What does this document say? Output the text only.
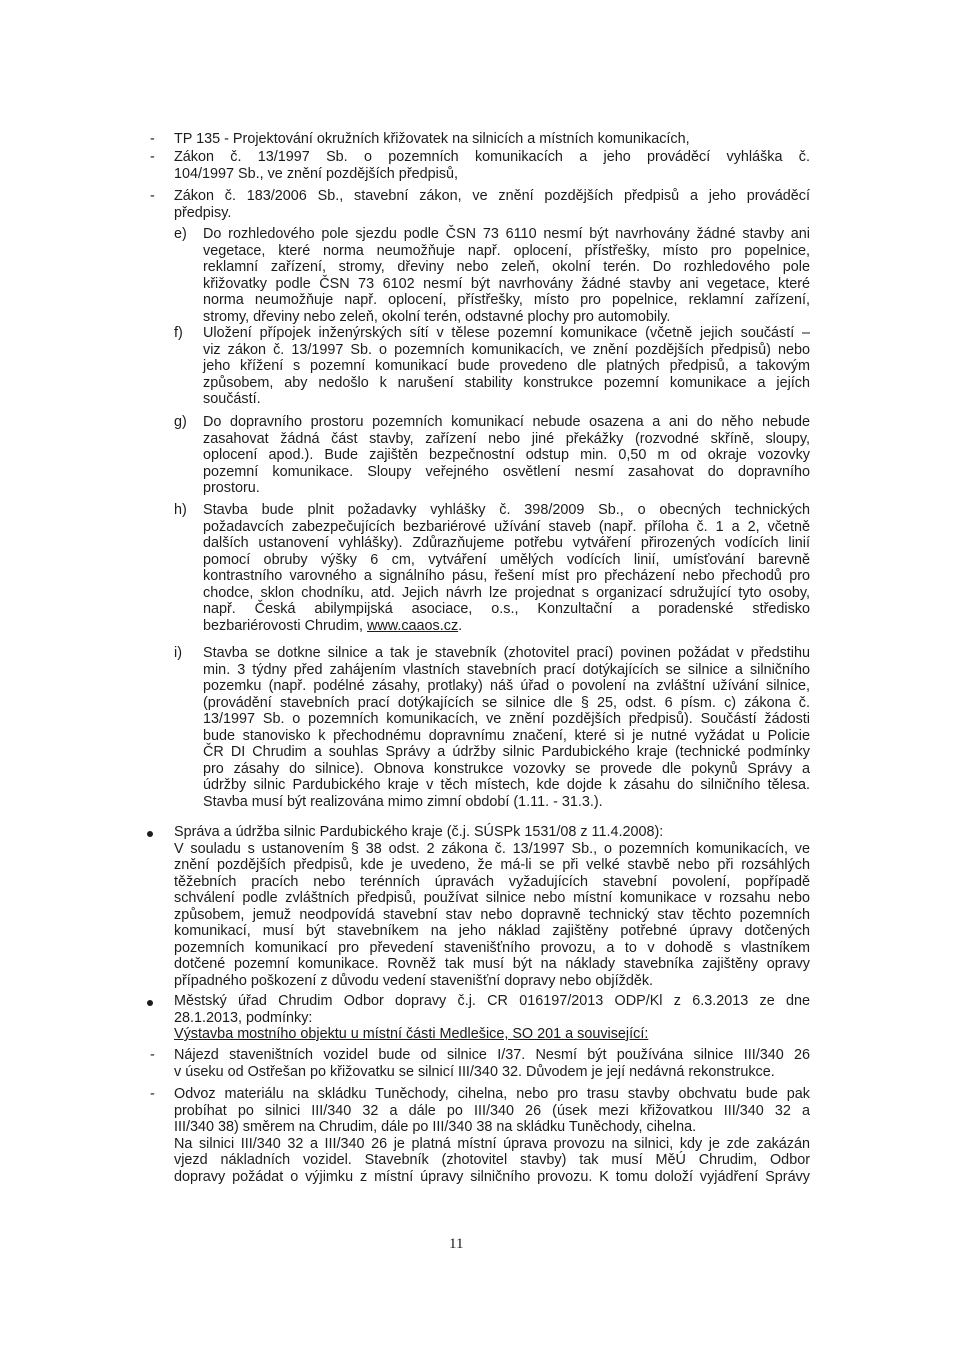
- TP 135 - Projektování okružních křižovatek na silnicích a místních komunikacích,
- Zákon č. 13/1997 Sb. o pozemních komunikacích a jeho prováděcí vyhláška č.
104/1997 Sb., ve znění pozdějších předpisů,
- Zákon č. 183/2006 Sb., stavební zákon, ve znění pozdějších předpisů a jeho prováděcí
předpisy.
e) Do rozhledového pole sjezdu podle ČSN 73 6110 nesmí být navrhovány žádné stavby ani
vegetace, které norma neumožňuje např. oplocení, přístřešky, místo pro popelnice,
reklamní zařízení, stromy, dřeviny nebo zeleň, okolní terén. Do rozhledového pole
křižovatky podle ČSN 73 6102 nesmí být navrhovány žádné stavby ani vegetace, které
norma neumožňuje např. oplocení, přístřešky, místo pro popelnice, reklamní zařízení,
stromy, dřeviny nebo zeleň, okolní terén, odstavné plochy pro automobily.
f) Uložení přípojek inženýrských sítí v tělese pozemní komunikace (včetně jejich součástí –
viz zákon č. 13/1997 Sb. o pozemních komunikacích, ve znění pozdějších předpisů) nebo
jeho křížení s pozemní komunikací bude provedeno dle platných předpisů, a takovým
způsobem, aby nedošlo k narušení stability konstrukce pozemní komunikace a jejích
součástí.
g) Do dopravního prostoru pozemních komunikací nebude osazena a ani do něho nebude
zasahovat žádná část stavby, zařízení nebo jiné překážky (rozvodné skříně, sloupy,
oplocení apod.). Bude zajištěn bezpečnostní odstup min. 0,50 m od okraje vozovky
pozemní komunikace. Sloupy veřejného osvětlení nesmí zasahovat do dopravního
prostoru.
h) Stavba bude plnit požadavky vyhlášky č. 398/2009 Sb., o obecných technických
požadavcích zabezpečujících bezbariérové užívání staveb (např. příloha č. 1 a 2, včetně
dalších ustanovení vyhlášky). Zdůrazňujeme potřebu vytváření přirozených vodících linií
pomocí obruby výšky 6 cm, vytváření umělých vodících linií, umísťování barevně
kontrastního varovného a signálního pásu, řešení míst pro přecházení nebo přechodů pro
chodce, sklon chodníku, atd. Jejich návrh lze projednat s organizací sdružující tyto osoby,
např. Česká abilympijská asociace, o.s., Konzultační a poradenské středisko
bezbariérovosti Chrudim, www.caaos.cz.
i) Stavba se dotkne silnice a tak je stavebník (zhotovitel prací) povinen požádat v předstihu
min. 3 týdny před zahájením vlastních stavebních prací dotýkajících se silnice a silničního
pozemku (např. podélné zásahy, protlaky) náš úřad o povolení na zvláštní užívání silnice,
(provádění stavebních prací dotýkajících se silnice dle § 25, odst. 6 písm. c) zákona č.
13/1997 Sb. o pozemních komunikacích, ve znění pozdějších předpisů). Součástí žádosti
bude stanovisko k přechodnému dopravnímu značení, které si je nutné vyžádat u Policie
ČR DI Chrudim a souhlas Správy a údržby silnic Pardubického kraje (technické podmínky
pro zásahy do silnice). Obnova konstrukce vozovky se provede dle pokynů Správy a
údržby silnic Pardubického kraje v těch místech, kde dojde k zásahu do silničního tělesa.
Stavba musí být realizována mimo zimní období (1.11. - 31.3.).
Správa a údržba silnic Pardubického kraje (č.j. SÚSPk 1531/08 z 11.4.2008):
V souladu s ustanovením § 38 odst. 2 zákona č. 13/1997 Sb., o pozemních komunikacích, ve
znění pozdějších předpisů, kde je uvedeno, že má-li se při velké stavbě nebo při rozsáhlých
těžebních pracích nebo terénních úpravách vyžadujících stavební povolení, popřípadě
schválení podle zvláštních předpisů, používat silnice nebo místní komunikace v rozsahu nebo
způsobem, jemuž neodpovídá stavební stav nebo dopravně technický stav těchto pozemních
komunikací, musí být stavebníkem na jeho náklad zajištěny potřebné úpravy dotčených
pozemních komunikací pro převedení stavenišťního provozu, a to v dohodě s vlastníkem
dotčené pozemní komunikace. Rovněž tak musí být na náklady stavebníka zajištěny opravy
případného poškození z důvodu vedení stavenišťní dopravy nebo objížděk.
Městský úřad Chrudim Odbor dopravy č.j. CR 016197/2013 ODP/Kl z 6.3.2013 ze dne
28.1.2013, podmínky:
Výstavba mostního objektu u místní části Medlešice, SO 201 a související:
- Nájezd staveništních vozidel bude od silnice I/37. Nesmí být používána silnice III/340 26
v úseku od Ostřešan po křižovatku se silnicí III/340 32. Důvodem je její nedávná rekonstrukce.
- Odvoz materiálu na skládku Tuněchody, cihelna, nebo pro trasu stavby obchvatu bude pak
probíhat po silnici III/340 32 a dále po III/340 26 (úsek mezi křižovatkou III/340 32 a
III/340 38) směrem na Chrudim, dále po III/340 38 na skládku Tuněchody, cihelna.
Na silnici III/340 32 a III/340 26 je platná místní úprava provozu na silnici, kdy je zde zakázán
vjezd nákladních vozidel. Stavebník (zhotovitel stavby) tak musí MěÚ Chrudim, Odbor
dopravy požádat o výjimku z místní úpravy silničního provozu. K tomu doloží vyjádření Správy
11
